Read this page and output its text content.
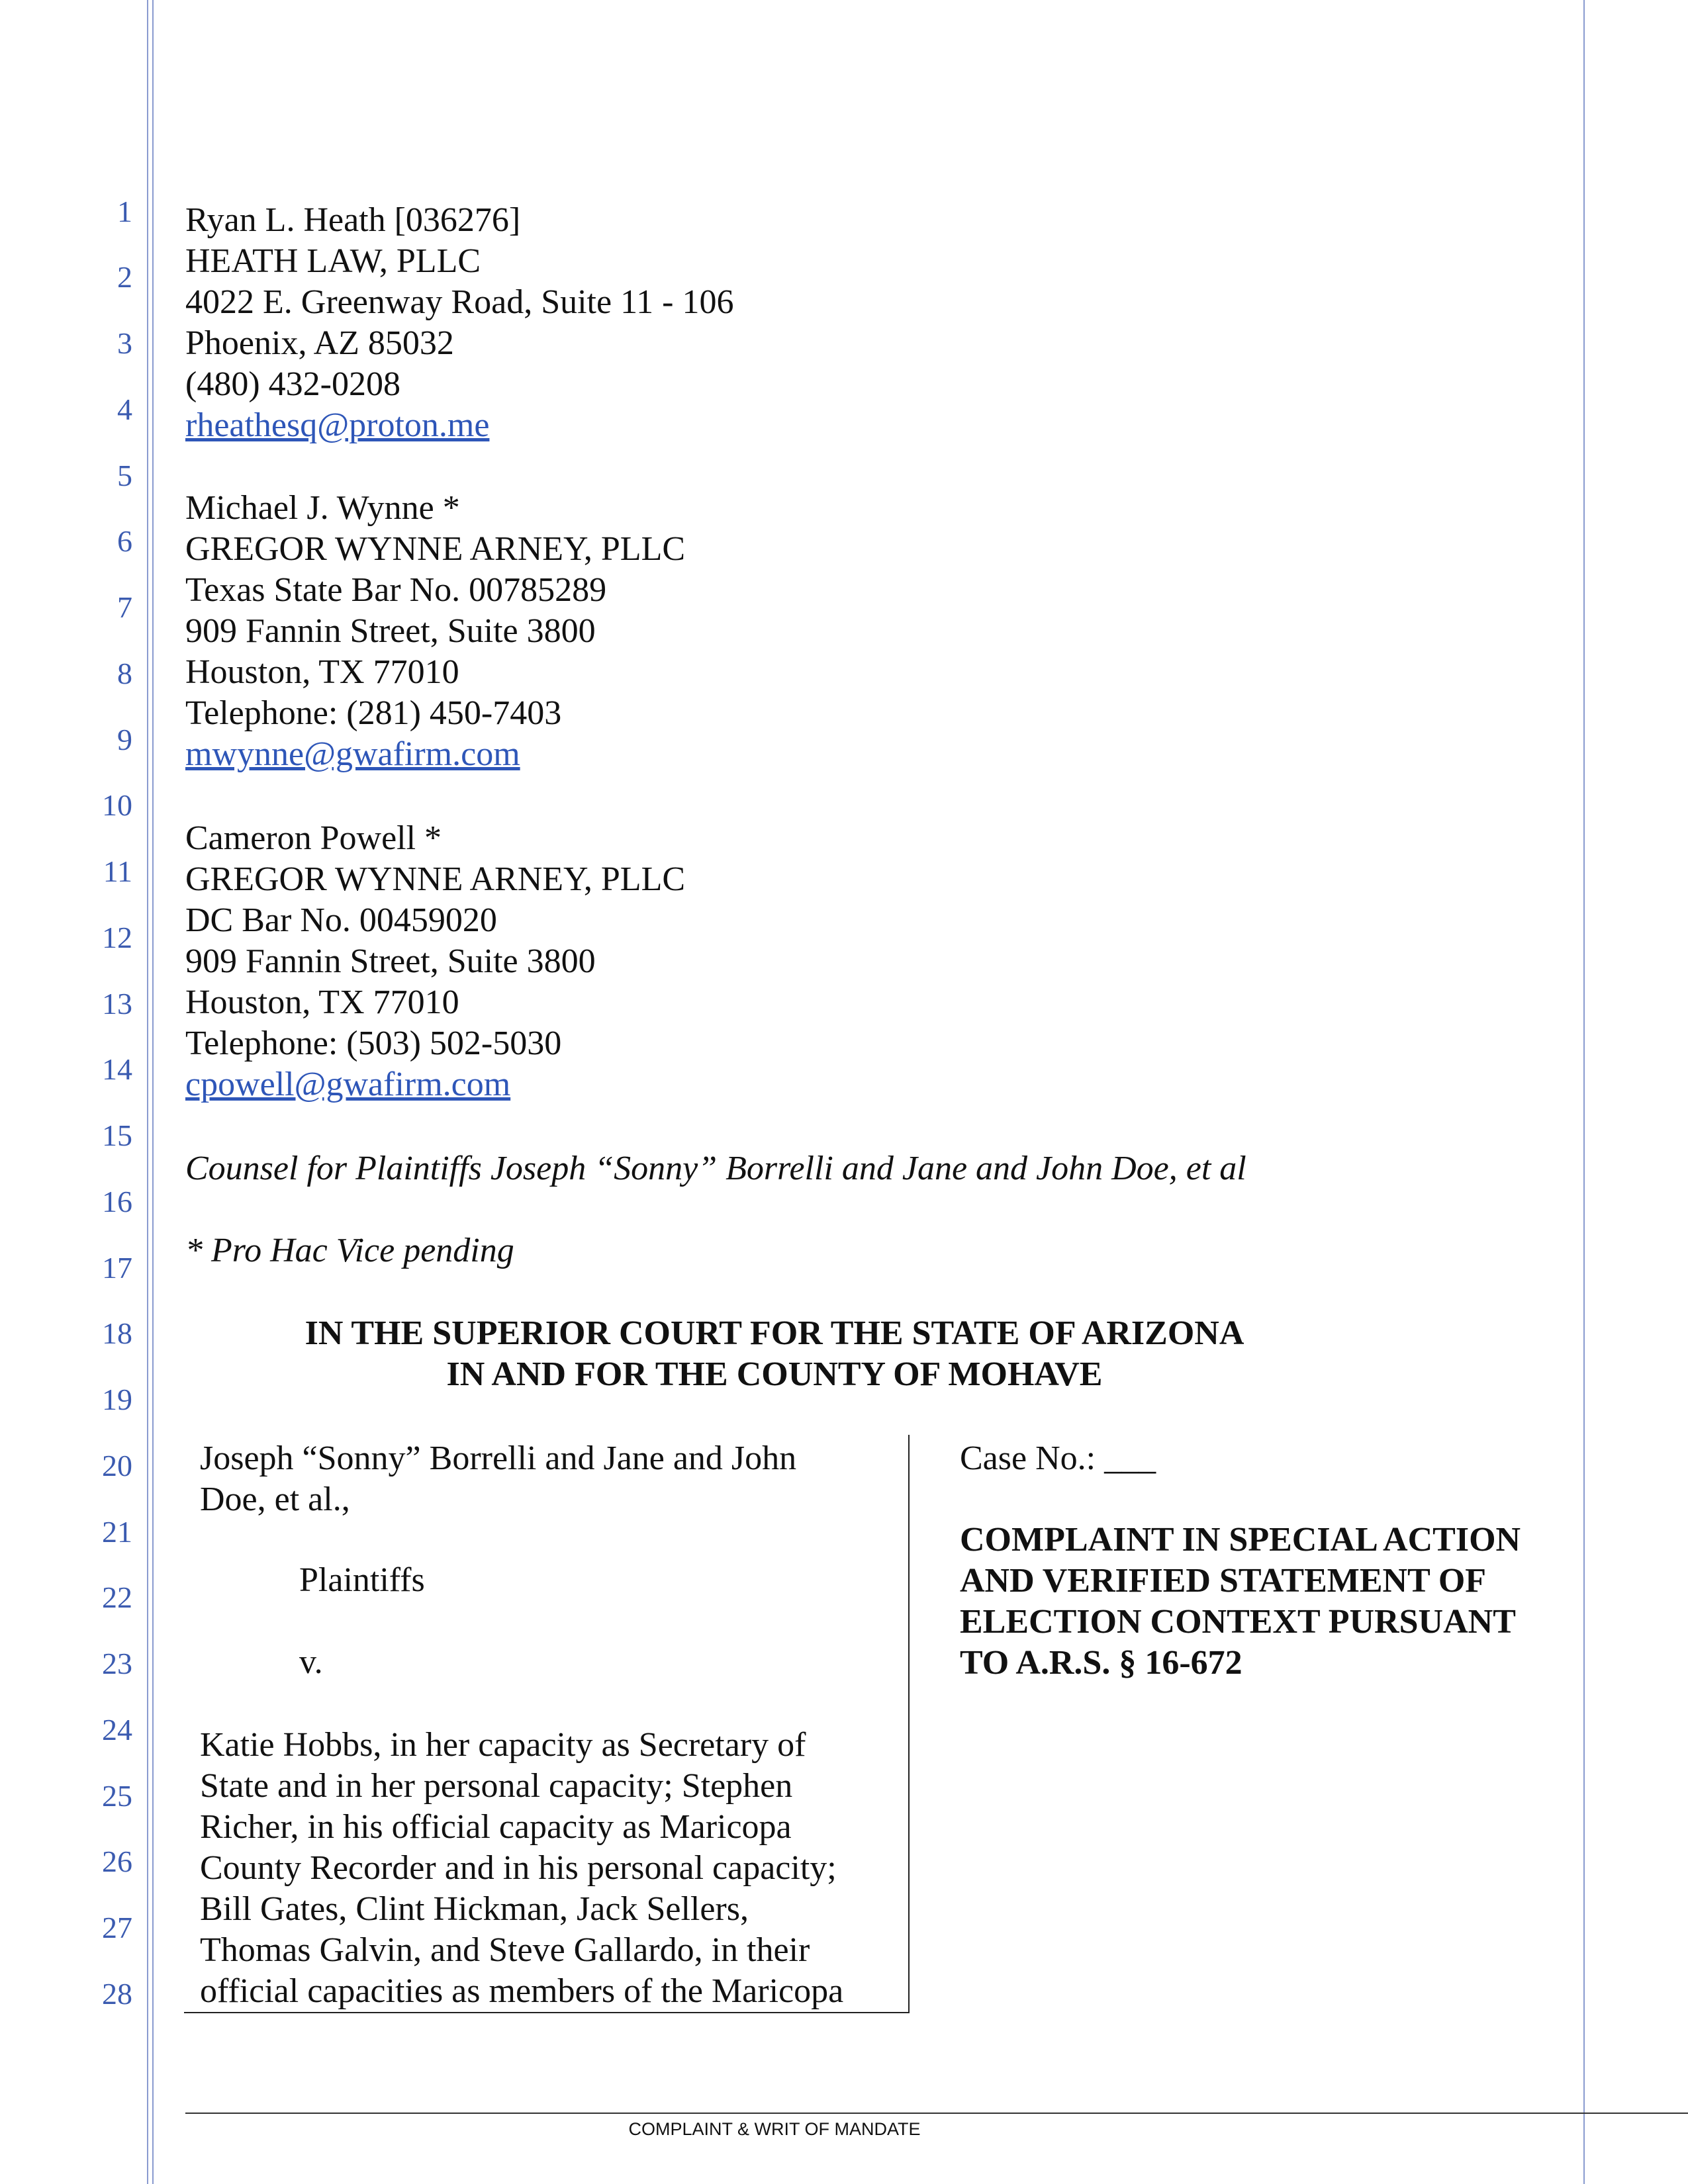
1
2
3
4
5
6
7
8
9
10
11
12
13
14
15
16
17
18
19
20
21
22
23
24
25
26
27
28
Ryan L. Heath [036276]
HEATH LAW, PLLC
4022 E. Greenway Road, Suite 11 - 106
Phoenix, AZ 85032
(480) 432-0208
rheathesq@proton.me
Michael J. Wynne *
GREGOR WYNNE ARNEY, PLLC
Texas State Bar No. 00785289
909 Fannin Street, Suite 3800
Houston, TX 77010
Telephone: (281) 450-7403
mwynne@gwafirm.com
Cameron Powell *
GREGOR WYNNE ARNEY, PLLC
DC Bar No. 00459020
909 Fannin Street, Suite 3800
Houston, TX 77010
Telephone: (503) 502-5030
cpowell@gwafirm.com
Counsel for Plaintiffs Joseph “Sonny” Borrelli and Jane and John Doe, et al
* Pro Hac Vice pending
IN THE SUPERIOR COURT FOR THE STATE OF ARIZONA
IN AND FOR THE COUNTY OF MOHAVE
Joseph “Sonny” Borrelli and Jane and John
Doe, et al.,
Plaintiffs
v.
Katie Hobbs, in her capacity as Secretary of
State and in her personal capacity; Stephen
Richer, in his official capacity as Maricopa
County Recorder and in his personal capacity;
Bill Gates, Clint Hickman, Jack Sellers,
Thomas Galvin, and Steve Gallardo, in their
official capacities as members of the Maricopa
Case No.: ___
COMPLAINT IN SPECIAL ACTION
AND VERIFIED STATEMENT OF
ELECTION CONTEXT PURSUANT
TO A.R.S. § 16-672
COMPLAINT & WRIT OF MANDATE
